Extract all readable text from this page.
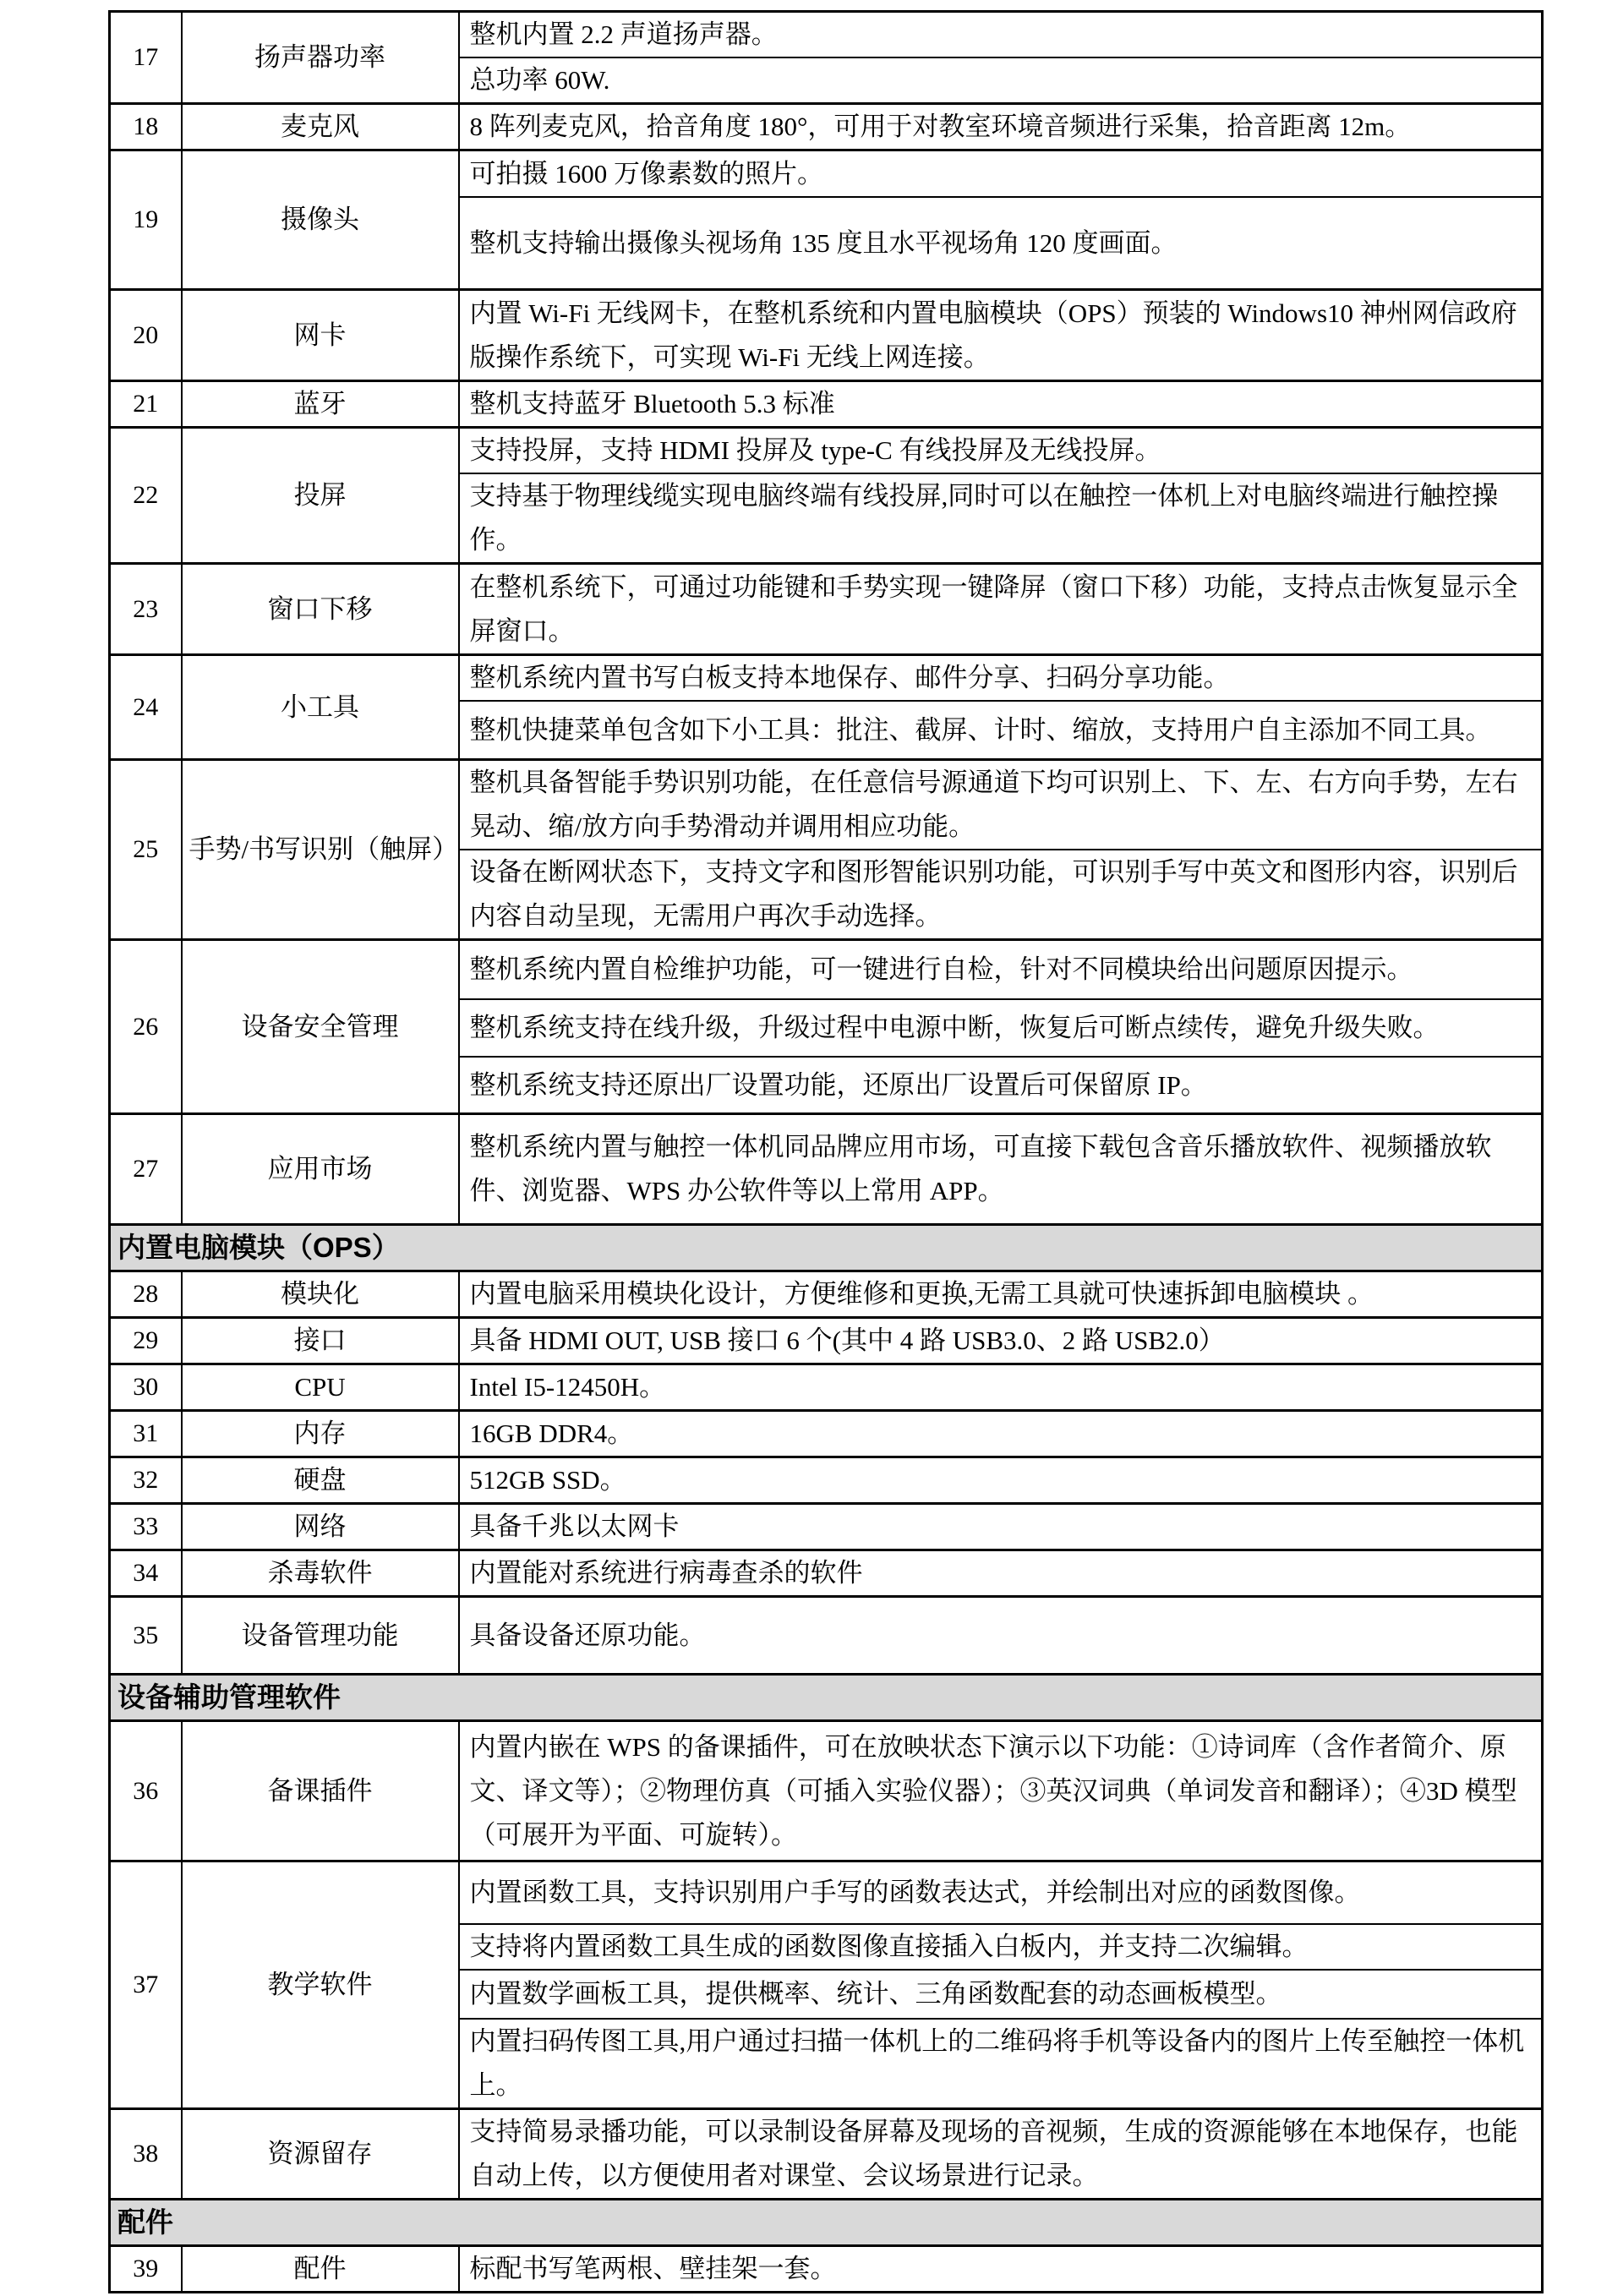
17	扬声器功率	整机内置 2.2 声道扬声器。
		总功率 60W.
18	麦克风	8 阵列麦克风，拾音角度 180°，可用于对教室环境音频进行采集，拾音距离 12m。
19	摄像头	可拍摄 1600 万像素数的照片。
		整机支持输出摄像头视场角 135 度且水平视场角 120 度画面。
20	网卡	内置 Wi-Fi 无线网卡，在整机系统和内置电脑模块（OPS）预装的 Windows10 神州网信政府版操作系统下，可实现 Wi-Fi 无线上网连接。
21	蓝牙	整机支持蓝牙 Bluetooth 5.3 标准
22	投屏	支持投屏，支持 HDMI 投屏及 type-C 有线投屏及无线投屏。
		支持基于物理线缆实现电脑终端有线投屏,同时可以在触控一体机上对电脑终端进行触控操作。
23	窗口下移	在整机系统下，可通过功能键和手势实现一键降屏（窗口下移）功能，支持点击恢复显示全屏窗口。
24	小工具	整机系统内置书写白板支持本地保存、邮件分享、扫码分享功能。
		整机快捷菜单包含如下小工具：批注、截屏、计时、缩放，支持用户自主添加不同工具。
25	手势/书写识别（触屏）	整机具备智能手势识别功能，在任意信号源通道下均可识别上、下、左、右方向手势，左右晃动、缩/放方向手势滑动并调用相应功能。
		设备在断网状态下，支持文字和图形智能识别功能，可识别手写中英文和图形内容，识别后内容自动呈现，无需用户再次手动选择。
26	设备安全管理	整机系统内置自检维护功能，可一键进行自检，针对不同模块给出问题原因提示。
		整机系统支持在线升级，升级过程中电源中断，恢复后可断点续传，避免升级失败。
		整机系统支持还原出厂设置功能，还原出厂设置后可保留原 IP。
27	应用市场	整机系统内置与触控一体机同品牌应用市场，可直接下载包含音乐播放软件、视频播放软件、浏览器、WPS 办公软件等以上常用 APP。
内置电脑模块（OPS）		
28	模块化	内置电脑采用模块化设计，方便维修和更换,无需工具就可快速拆卸电脑模块 。
29	接口	具备 HDMI OUT, USB 接口 6 个(其中 4 路 USB3.0、2 路 USB2.0）
30	CPU	Intel I5-12450H。
31	内存	16GB DDR4。
32	硬盘	512GB SSD。
33	网络	具备千兆以太网卡
34	杀毒软件	内置能对系统进行病毒查杀的软件
35	设备管理功能	具备设备还原功能。
设备辅助管理软件		
36	备课插件	内置内嵌在 WPS 的备课插件，可在放映状态下演示以下功能：①诗词库（含作者简介、原文、译文等）；②物理仿真（可插入实验仪器）；③英汉词典（单词发音和翻译）；④3D 模型（可展开为平面、可旋转）。
37	教学软件	内置函数工具，支持识别用户手写的函数表达式，并绘制出对应的函数图像。
		支持将内置函数工具生成的函数图像直接插入白板内，并支持二次编辑。
		内置数学画板工具，提供概率、统计、三角函数配套的动态画板模型。
		内置扫码传图工具,用户通过扫描一体机上的二维码将手机等设备内的图片上传至触控一体机上。
38	资源留存	支持简易录播功能，可以录制设备屏幕及现场的音视频，生成的资源能够在本地保存，也能自动上传，以方便使用者对课堂、会议场景进行记录。
配件		
39	配件	标配书写笔两根、壁挂架一套。
